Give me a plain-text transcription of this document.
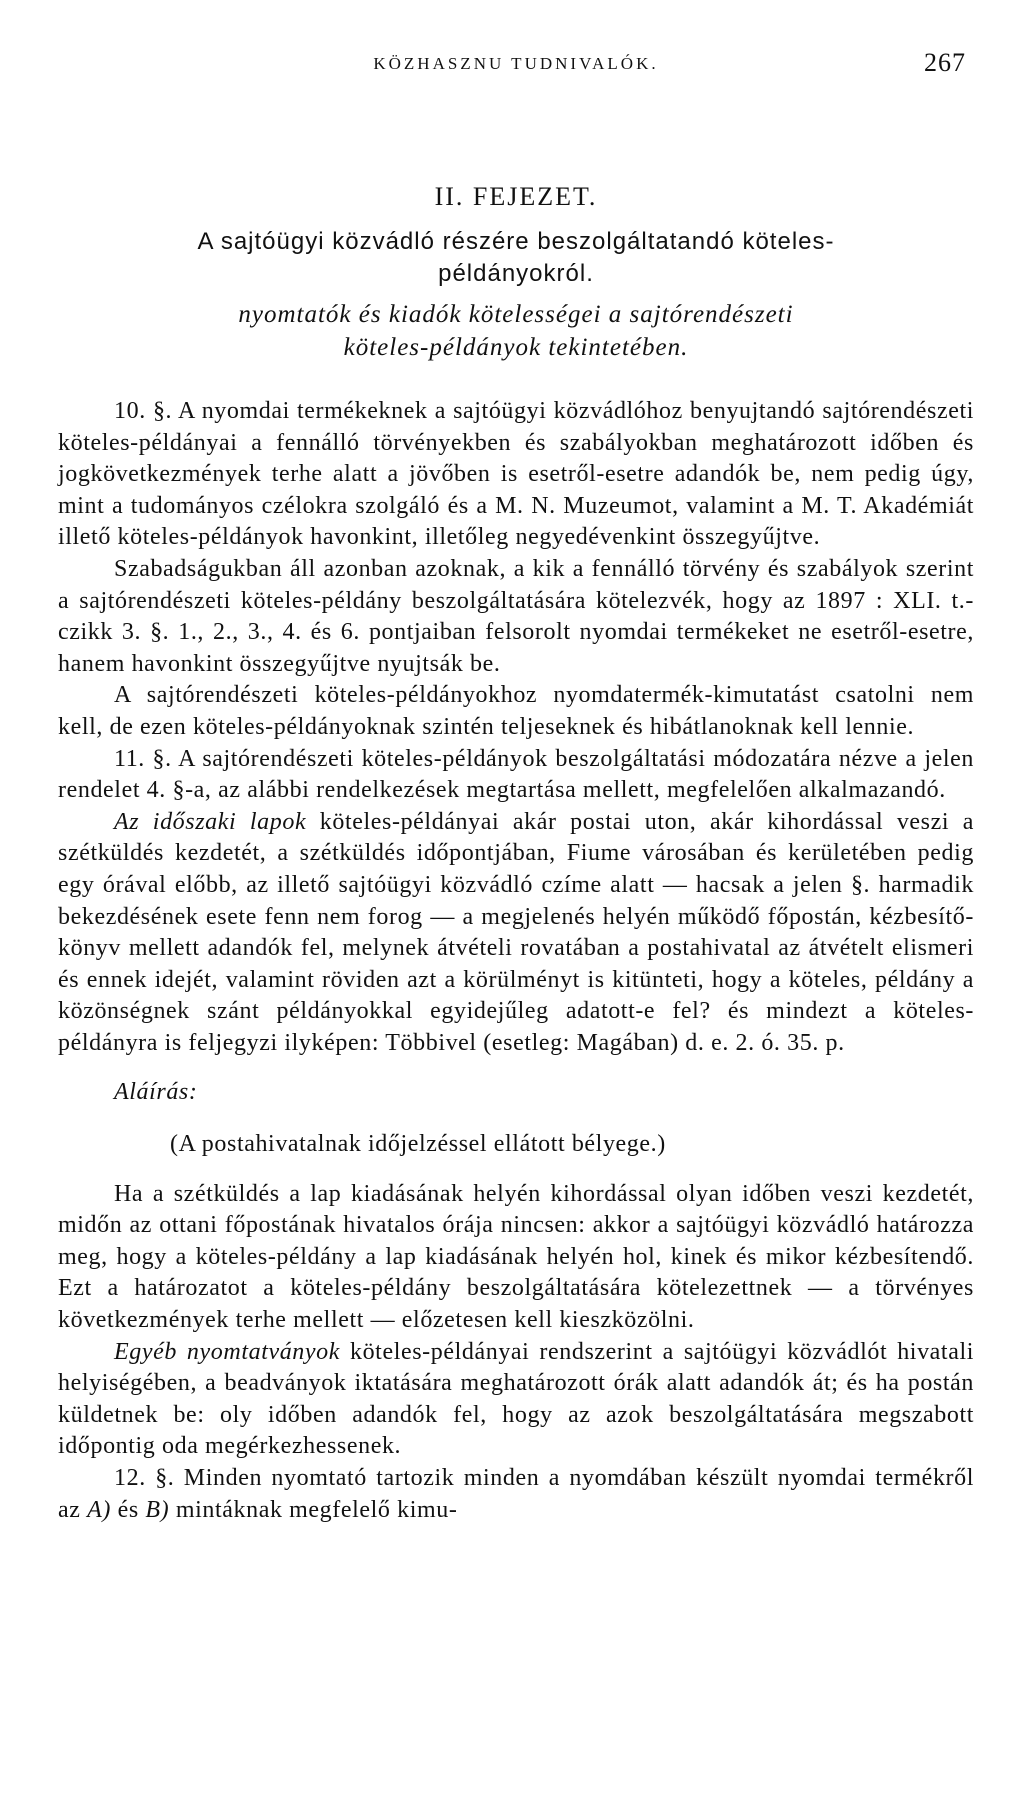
KÖZHASZNU TUDNIVALÓK.	267
II. FEJEZET.
A sajtóügyi közvádló részére beszolgáltatandó köteles-
példányokról.
nyomtatók és kiadók kötelességei a sajtórendészeti
köteles-példányok tekintetében.

10. §. A nyomdai termékeknek a sajtóügyi közvádlóhoz benyujtandó sajtórendészeti köteles-példányai a fennálló törvényekben és szabályokban meghatározott időben és jogkövetkezmények terhe alatt a jövőben is esetről-esetre adandók be, nem pedig úgy, mint a tudományos czélokra szolgáló és a M. N. Muzeumot, valamint a M. T. Akadémiát illető köteles-példányok havonkint, illetőleg negyedévenkint összegyűjtve.

Szabadságukban áll azonban azoknak, a kik a fennálló törvény és szabályok szerint a sajtórendészeti köteles-példány beszolgáltatására kötelezvék, hogy az 1897 : XLI. t.-czikk 3. §. 1., 2., 3., 4. és 6. pontjaiban felsorolt nyomdai termékeket ne esetről-esetre, hanem havonkint összegyűjtve nyujtsák be.

A sajtórendészeti köteles-példányokhoz nyomdatermék-kimutatást csatolni nem kell, de ezen köteles-példányoknak szintén teljeseknek és hibátlanoknak kell lennie.

11. §. A sajtórendészeti köteles-példányok beszolgáltatási módozatára nézve a jelen rendelet 4. §-a, az alábbi rendelkezések megtartása mellett, megfelelően alkalmazandó.

Az időszaki lapok köteles-példányai akár postai uton, akár kihordással veszi a szétküldés kezdetét, a szétküldés időpontjában, Fiume városában és kerületében pedig egy órával előbb, az illető sajtóügyi közvádló czíme alatt — hacsak a jelen §. harmadik bekezdésének esete fenn nem forog — a megjelenés helyén működő főpostán, kézbesítő-könyv mellett adandók fel, melynek átvételi rovatában a postahivatal az átvételt elismeri és ennek idejét, valamint röviden azt a körülményt is kitünteti, hogy a köteles, példány a közönségnek szánt példányokkal egyidejűleg adatott-e fel? és mindezt a köteles-példányra is feljegyzi ilyképen: Többivel (esetleg: Magában) d. e. 2. ó. 35. p.

Aláírás:

(A postahivatalnak időjelzéssel ellátott bélyege.)

Ha a szétküldés a lap kiadásának helyén kihordással olyan időben veszi kezdetét, midőn az ottani főpostának hivatalos órája nincsen: akkor a sajtóügyi közvádló határozza meg, hogy a köteles-példány a lap kiadásának helyén hol, kinek és mikor kézbesítendő. Ezt a határozatot a köteles-példány beszolgáltatására kötelezettnek — a törvényes következmények terhe mellett — előzetesen kell kieszközölni.

Egyéb nyomtatványok köteles-példányai rendszerint a sajtóügyi közvádlót hivatali helyiségében, a beadványok iktatására meghatározott órák alatt adandók át; és ha postán küldetnek be: oly időben adandók fel, hogy az azok beszolgáltatására megszabott időpontig oda megérkezhessenek.

12. §. Minden nyomtató tartozik minden a nyomdában készült nyomdai termékről az A) és B) mintáknak megfelelő kimu-
